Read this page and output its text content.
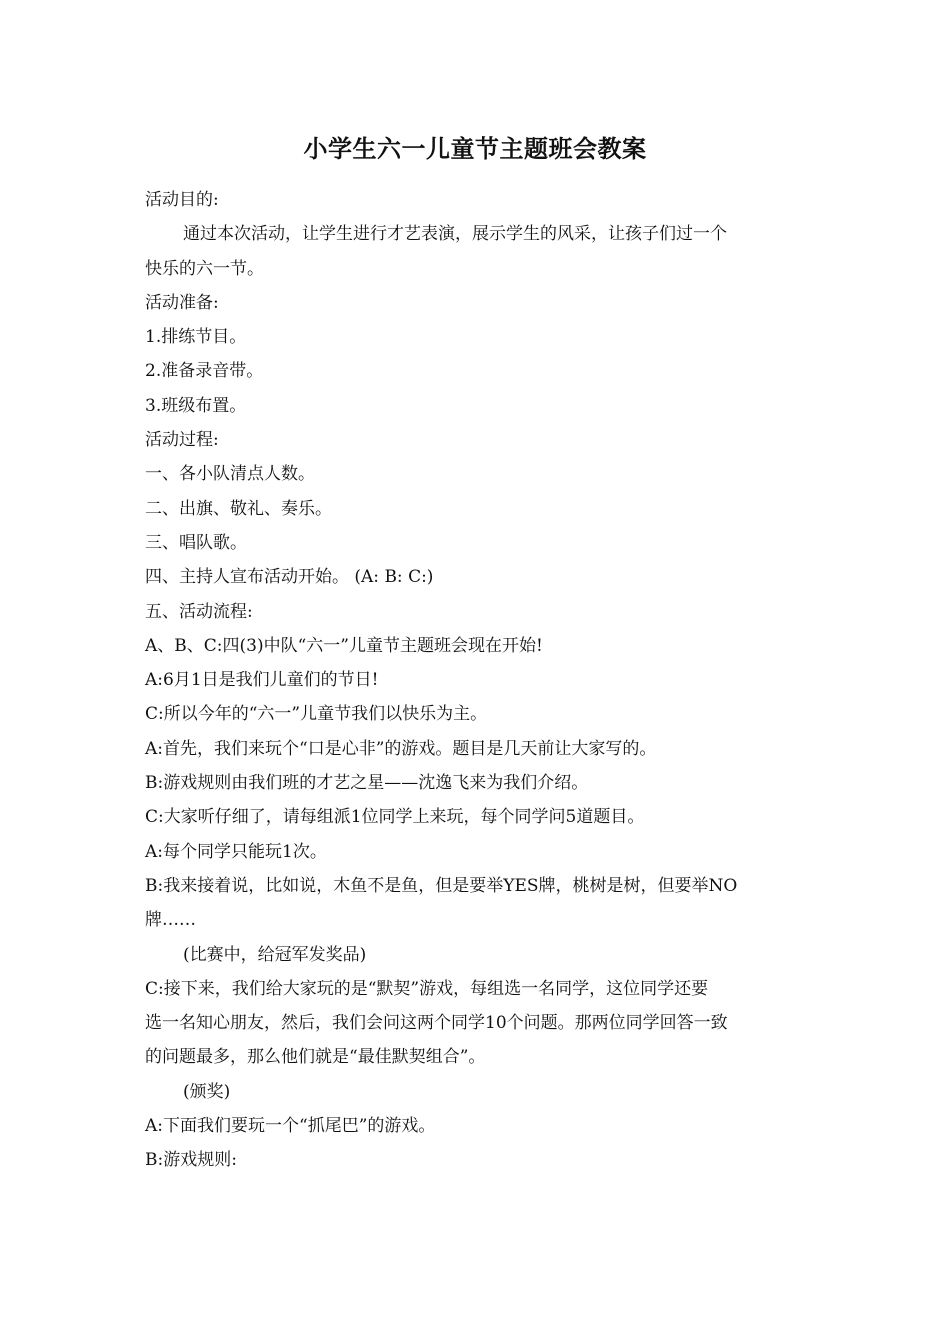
小学生六一儿童节主题班会教案
活动目的:
通过本次活动，让学生进行才艺表演，展示学生的风采，让孩子们过一个
快乐的六一节。
活动准备:
1.排练节目。
2.准备录音带。
3.班级布置。
活动过程:
一、各小队清点人数。
二、出旗、敬礼、奏乐。
三、唱队歌。
四、主持人宣布活动开始。 (A: B: C:)
五、活动流程:
A、B、C:四(3)中队“六一”儿童节主题班会现在开始!
A:6月1日是我们儿童们的节日!
C:所以今年的“六一”儿童节我们以快乐为主。
A:首先，我们来玩个“口是心非”的游戏。题目是几天前让大家写的。
B:游戏规则由我们班的才艺之星——沈逸飞来为我们介绍。
C:大家听仔细了，请每组派1位同学上来玩，每个同学问5道题目。
A:每个同学只能玩1次。
B:我来接着说，比如说，木鱼不是鱼，但是要举YES牌，桃树是树，但要举NO
牌……
(比赛中，给冠军发奖品)
C:接下来，我们给大家玩的是“默契”游戏，每组选一名同学，这位同学还要
选一名知心朋友，然后，我们会问这两个同学10个问题。那两位同学回答一致
的问题最多，那么他们就是“最佳默契组合”。
(颁奖)
A:下面我们要玩一个“抓尾巴”的游戏。
B:游戏规则:
